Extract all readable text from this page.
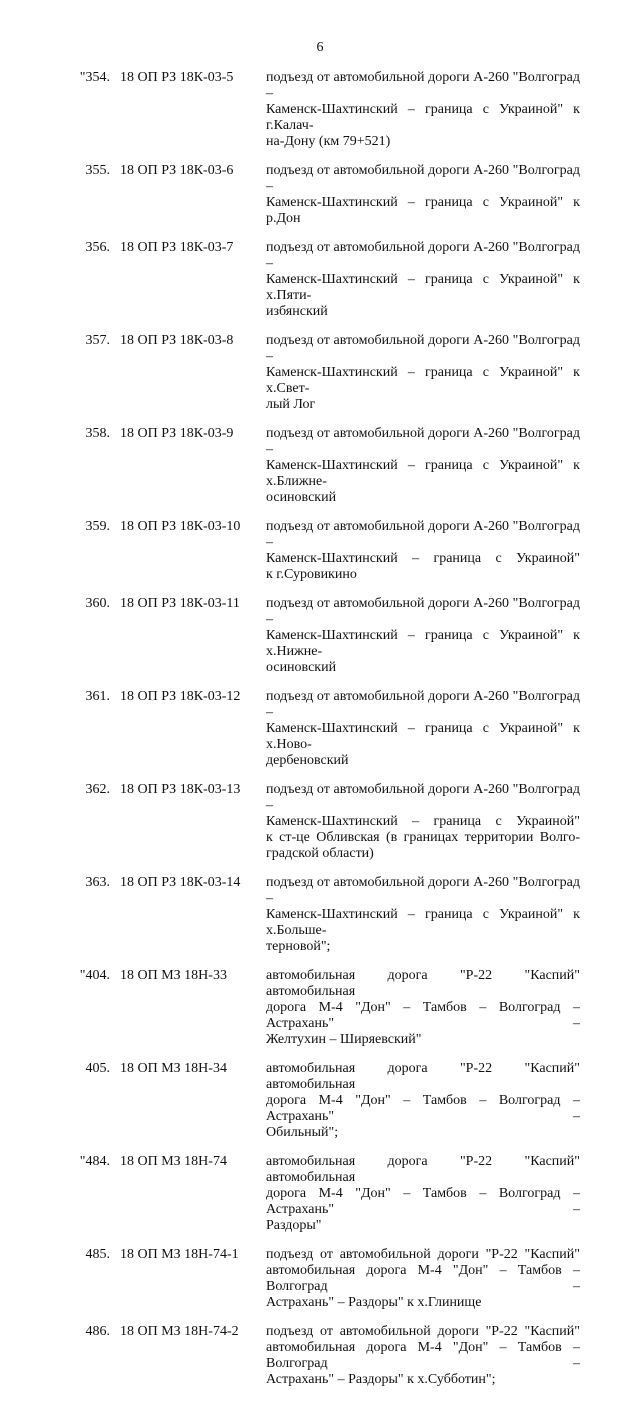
6
"354. 18 ОП РЗ 18К-03-5 подъезд от автомобильной дороги А-260 "Волгоград –
Каменск-Шахтинский – граница с Украиной" к г.Калач-
на-Дону (км 79+521)
355. 18 ОП РЗ 18К-03-6 подъезд от автомобильной дороги А-260 "Волгоград –
Каменск-Шахтинский – граница с Украиной" к р.Дон
356. 18 ОП РЗ 18К-03-7 подъезд от автомобильной дороги А-260 "Волгоград –
Каменск-Шахтинский – граница с Украиной" к х.Пяти-
избянский
357. 18 ОП РЗ 18К-03-8 подъезд от автомобильной дороги А-260 "Волгоград –
Каменск-Шахтинский – граница с Украиной" к х.Свет-
лый Лог
358. 18 ОП РЗ 18К-03-9 подъезд от автомобильной дороги А-260 "Волгоград –
Каменск-Шахтинский – граница с Украиной" к х.Ближне-
осиновский
359. 18 ОП РЗ 18К-03-10 подъезд от автомобильной дороги А-260 "Волгоград –
Каменск-Шахтинский – граница с Украиной"
к г.Суровикино
360. 18 ОП РЗ 18К-03-11 подъезд от автомобильной дороги А-260 "Волгоград –
Каменск-Шахтинский – граница с Украиной" к х.Нижне-
осиновский
361. 18 ОП РЗ 18К-03-12 подъезд от автомобильной дороги А-260 "Волгоград –
Каменск-Шахтинский – граница с Украиной" к х.Ново-
дербеновский
362. 18 ОП РЗ 18К-03-13 подъезд от автомобильной дороги А-260 "Волгоград –
Каменск-Шахтинский – граница с Украиной"
к ст-це Обливская (в границах территории Волго-
градской области)
363. 18 ОП РЗ 18К-03-14 подъезд от автомобильной дороги А-260 "Волгоград –
Каменск-Шахтинский – граница с Украиной" к х.Большe-
терновой";
"404. 18 ОП МЗ 18Н-33	автомобильная дорога "Р-22 "Каспий" автомобильная
дорога М-4 "Дон" – Тамбов – Волгоград – Астрахань" –
Желтухин – Ширяевский"
405. 18 ОП МЗ 18Н-34	автомобильная дорога "Р-22 "Каспий" автомобильная
дорога М-4 "Дон" – Тамбов – Волгоград – Астрахань" –
Обильный";
"484. 18 ОП МЗ 18Н-74	автомобильная дорога "Р-22 "Каспий" автомобильная
дорога М-4 "Дон" – Тамбов – Волгоград – Астрахань" –
Раздоры"
485. 18 ОП МЗ 18Н-74-1 подъезд от автомобильной дороги "Р-22 "Каспий"
автомобильная дорога М-4 "Дон" – Тамбов – Волгоград –
Астрахань" – Раздоры" к х.Глинище
486. 18 ОП МЗ 18Н-74-2 подъезд от автомобильной дороги "Р-22 "Каспий"
автомобильная дорога М-4 "Дон" – Тамбов – Волгоград –
Астрахань" – Раздоры" к х.Субботин";
